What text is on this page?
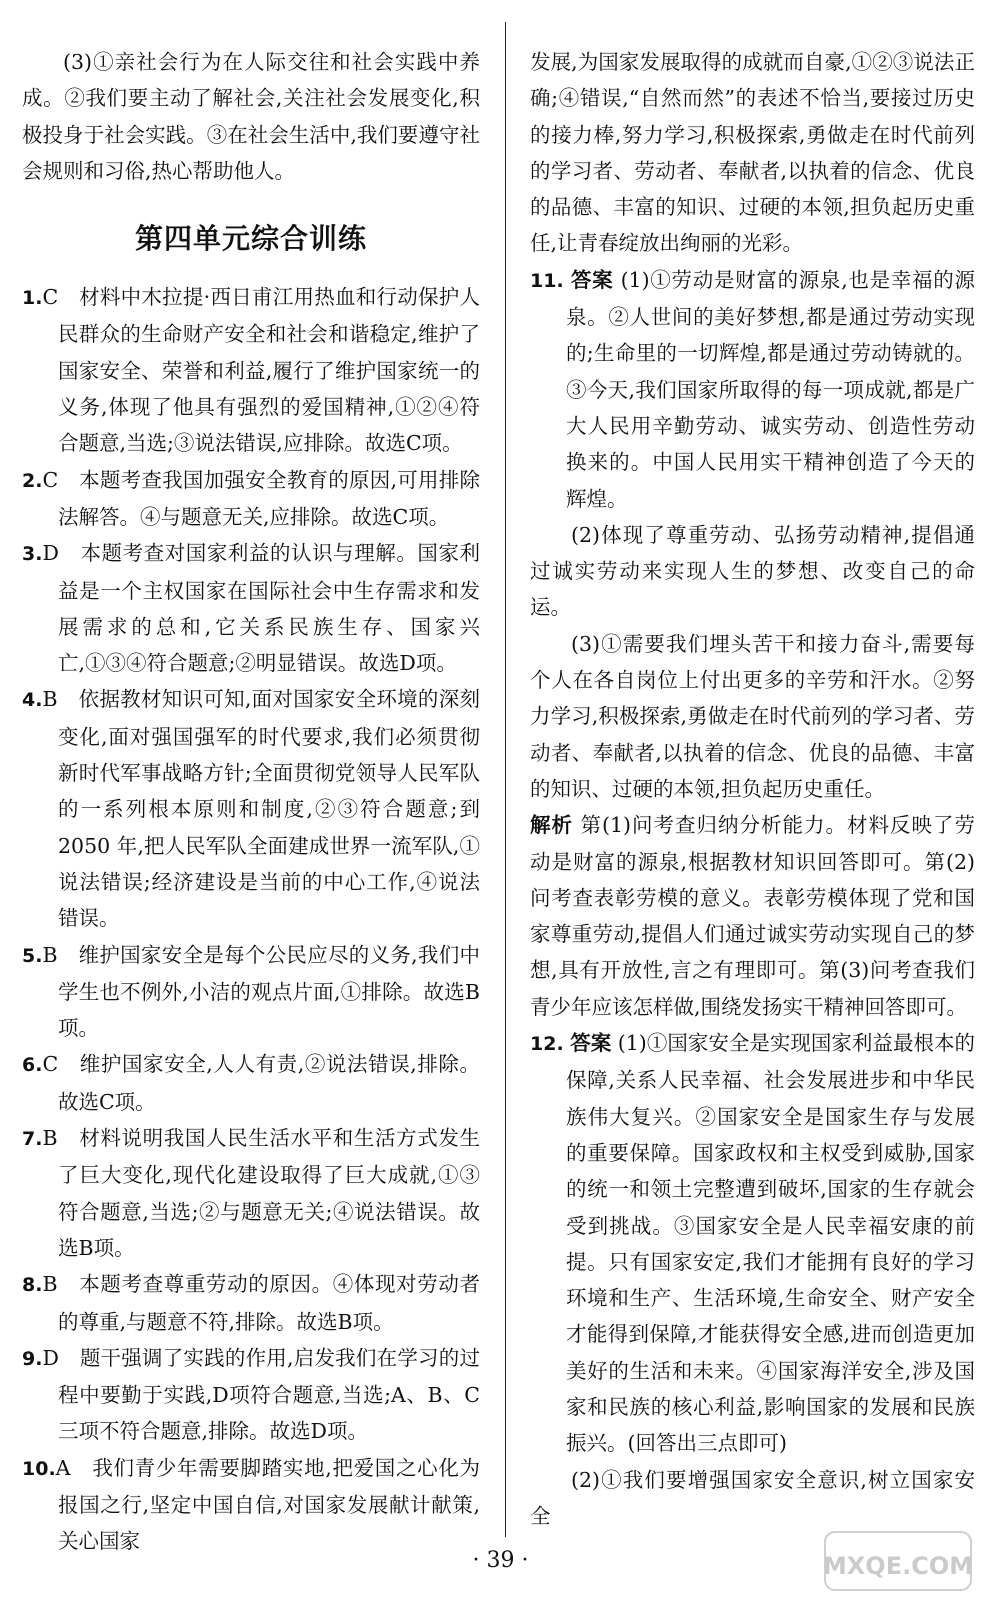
(3)①亲社会行为在人际交往和社会实践中养成。②我们要主动了解社会,关注社会发展变化,积极投身于社会实践。③在社会生活中,我们要遵守社会规则和习俗,热心帮助他人。

第四单元综合训练

1.C　材料中木拉提·西日甫江用热血和行动保护人民群众的生命财产安全和社会和谐稳定,维护了国家安全、荣誉和利益,履行了维护国家统一的义务,体现了他具有强烈的爱国精神,①②④符合题意,当选;③说法错误,应排除。故选C项。

2.C　本题考查我国加强安全教育的原因,可用排除法解答。④与题意无关,应排除。故选C项。

3.D　本题考查对国家利益的认识与理解。国家利益是一个主权国家在国际社会中生存需求和发展需求的总和,它关系民族生存、国家兴亡,①③④符合题意;②明显错误。故选D项。

4.B　依据教材知识可知,面对国家安全环境的深刻变化,面对强国强军的时代要求,我们必须贯彻新时代军事战略方针;全面贯彻党领导人民军队的一系列根本原则和制度,②③符合题意;到 2050 年,把人民军队全面建成世界一流军队,①说法错误;经济建设是当前的中心工作,④说法错误。

5.B　维护国家安全是每个公民应尽的义务,我们中学生也不例外,小洁的观点片面,①排除。故选B项。

6.C　维护国家安全,人人有责,②说法错误,排除。故选C项。

7.B　材料说明我国人民生活水平和生活方式发生了巨大变化,现代化建设取得了巨大成就,①③符合题意,当选;②与题意无关;④说法错误。故选B项。

8.B　本题考查尊重劳动的原因。④体现对劳动者的尊重,与题意不符,排除。故选B项。

9.D　题干强调了实践的作用,启发我们在学习的过程中要勤于实践,D项符合题意,当选;A、B、C三项不符合题意,排除。故选D项。

10.A　我们青少年需要脚踏实地,把爱国之心化为报国之行,坚定中国自信,对国家发展献计献策,关心国家

发展,为国家发展取得的成就而自豪,①②③说法正确;④错误,“自然而然”的表述不恰当,要接过历史的接力棒,努力学习,积极探索,勇做走在时代前列的学习者、劳动者、奉献者,以执着的信念、优良的品德、丰富的知识、过硬的本领,担负起历史重任,让青春绽放出绚丽的光彩。

11. 答案 (1)①劳动是财富的源泉,也是幸福的源泉。②人世间的美好梦想,都是通过劳动实现的;生命里的一切辉煌,都是通过劳动铸就的。③今天,我们国家所取得的每一项成就,都是广大人民用辛勤劳动、诚实劳动、创造性劳动换来的。中国人民用实干精神创造了今天的辉煌。

(2)体现了尊重劳动、弘扬劳动精神,提倡通过诚实劳动来实现人生的梦想、改变自己的命运。

(3)①需要我们埋头苦干和接力奋斗,需要每个人在各自岗位上付出更多的辛劳和汗水。②努力学习,积极探索,勇做走在时代前列的学习者、劳动者、奉献者,以执着的信念、优良的品德、丰富的知识、过硬的本领,担负起历史重任。

解析 第(1)问考查归纳分析能力。材料反映了劳动是财富的源泉,根据教材知识回答即可。第(2)问考查表彰劳模的意义。表彰劳模体现了党和国家尊重劳动,提倡人们通过诚实劳动实现自己的梦想,具有开放性,言之有理即可。第(3)问考查我们青少年应该怎样做,围绕发扬实干精神回答即可。

12. 答案 (1)①国家安全是实现国家利益最根本的保障,关系人民幸福、社会发展进步和中华民族伟大复兴。②国家安全是国家生存与发展的重要保障。国家政权和主权受到威胁,国家的统一和领土完整遭到破坏,国家的生存就会受到挑战。③国家安全是人民幸福安康的前提。只有国家安定,我们才能拥有良好的学习环境和生产、生活环境,生命安全、财产安全才能得到保障,才能获得安全感,进而创造更加美好的生活和未来。④国家海洋安全,涉及国家和民族的核心利益,影响国家的发展和民族振兴。(回答出三点即可)

(2)①我们要增强国家安全意识,树立国家安全

· 39 ·	MXQE.COM
